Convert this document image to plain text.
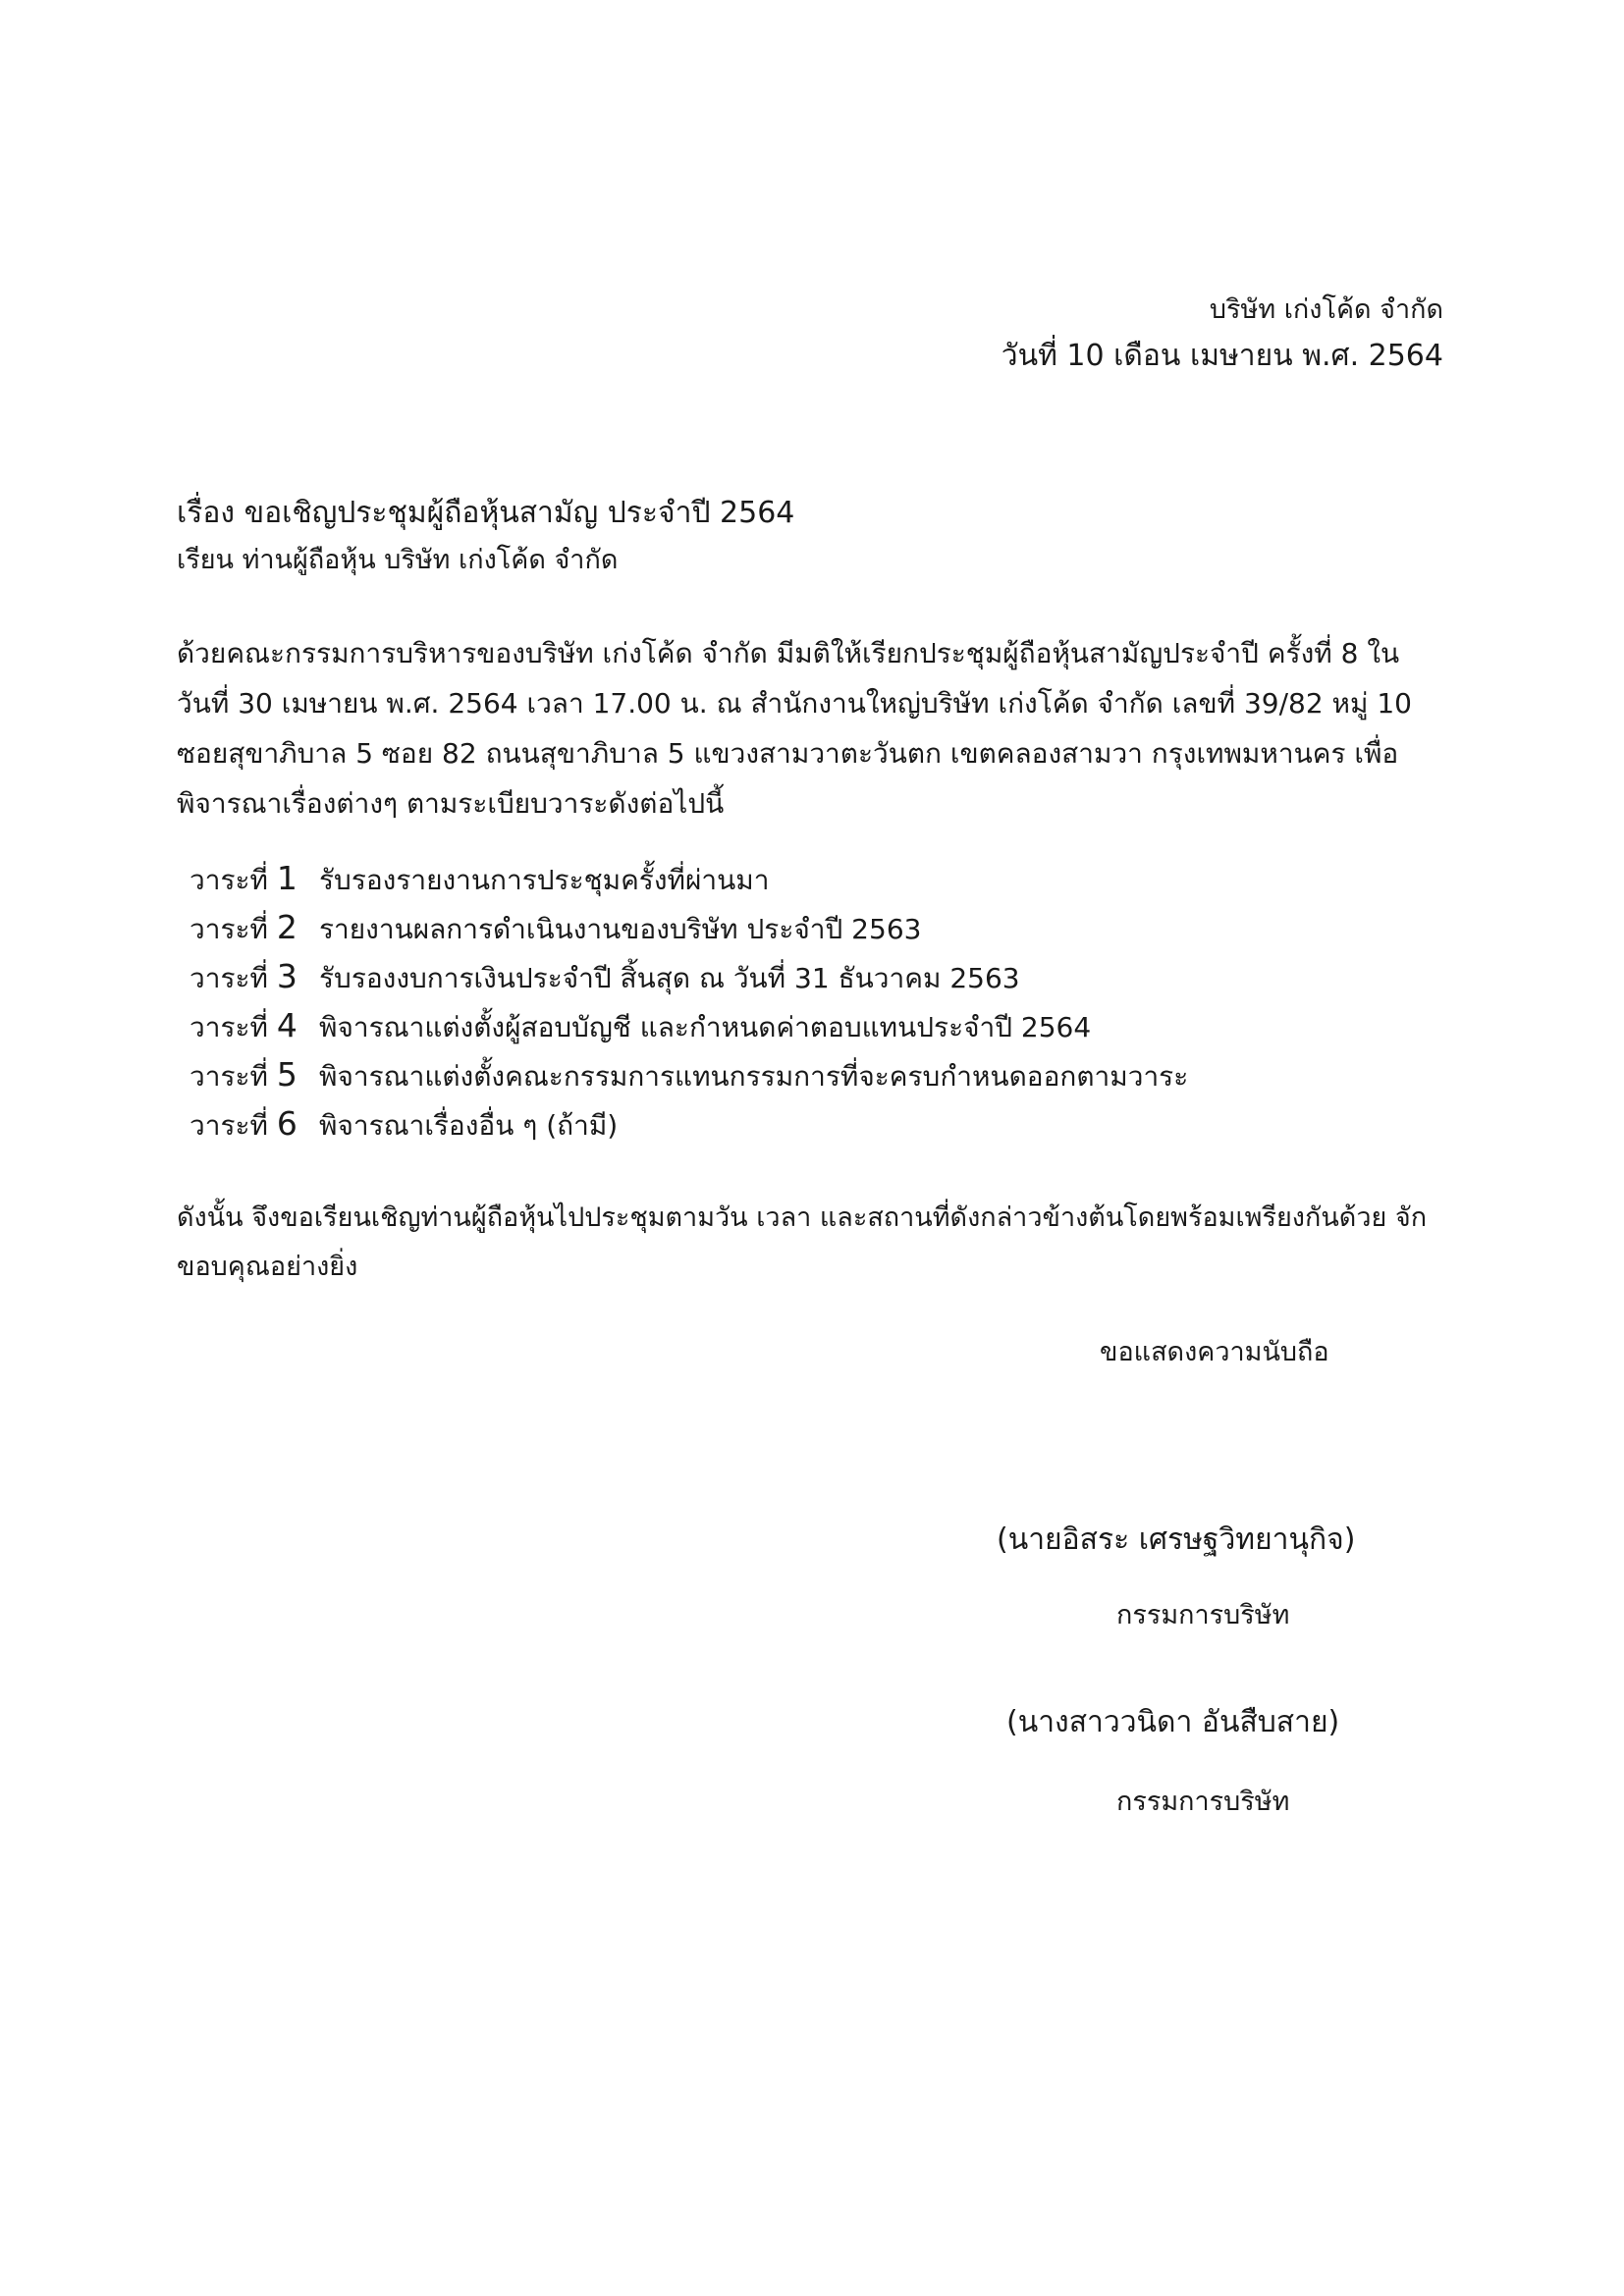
บริษัท เก่งโค้ด จำกัด
วันที่ 10 เดือน เมษายน พ.ศ. 2564
เรื่อง ขอเชิญประชุมผู้ถือหุ้นสามัญ ประจำปี 2564
เรียน ท่านผู้ถือหุ้น บริษัท เก่งโค้ด จำกัด
ด้วยคณะกรรมการบริหารของบริษัท เก่งโค้ด จำกัด มีมติให้เรียกประชุมผู้ถือหุ้นสามัญประจำปี ครั้งที่ 8 ในวันที่ 30 เมษายน พ.ศ. 2564 เวลา 17.00 น. ณ สำนักงานใหญ่บริษัท เก่งโค้ด จำกัด เลขที่ 39/82 หมู่ 10 ซอยสุขาภิบาล 5 ซอย 82 ถนนสุขาภิบาล 5 แขวงสามวาตะวันตก เขตคลองสามวา กรุงเทพมหานคร เพื่อพิจารณาเรื่องต่างๆ ตามระเบียบวาระดังต่อไปนี้
วาระที่ 1 รับรองรายงานการประชุมครั้งที่ผ่านมา
วาระที่ 2 รายงานผลการดำเนินงานของบริษัท ประจำปี 2563
วาระที่ 3 รับรองงบการเงินประจำปี สิ้นสุด ณ วันที่ 31 ธันวาคม 2563
วาระที่ 4 พิจารณาแต่งตั้งผู้สอบบัญชี และกำหนดค่าตอบแทนประจำปี 2564
วาระที่ 5 พิจารณาแต่งตั้งคณะกรรมการแทนกรรมการที่จะครบกำหนดออกตามวาระ
วาระที่ 6 พิจารณาเรื่องอื่น ๆ (ถ้ามี)
ดังนั้น จึงขอเรียนเชิญท่านผู้ถือหุ้นไปประชุมตามวัน เวลา และสถานที่ดังกล่าวข้างต้นโดยพร้อมเพรียงกันด้วย จักขอบคุณอย่างยิ่ง
ขอแสดงความนับถือ
(นายอิสระ เศรษฐวิทยานุกิจ)
กรรมการบริษัท
(นางสาววนิดา อันสืบสาย)
กรรมการบริษัท
